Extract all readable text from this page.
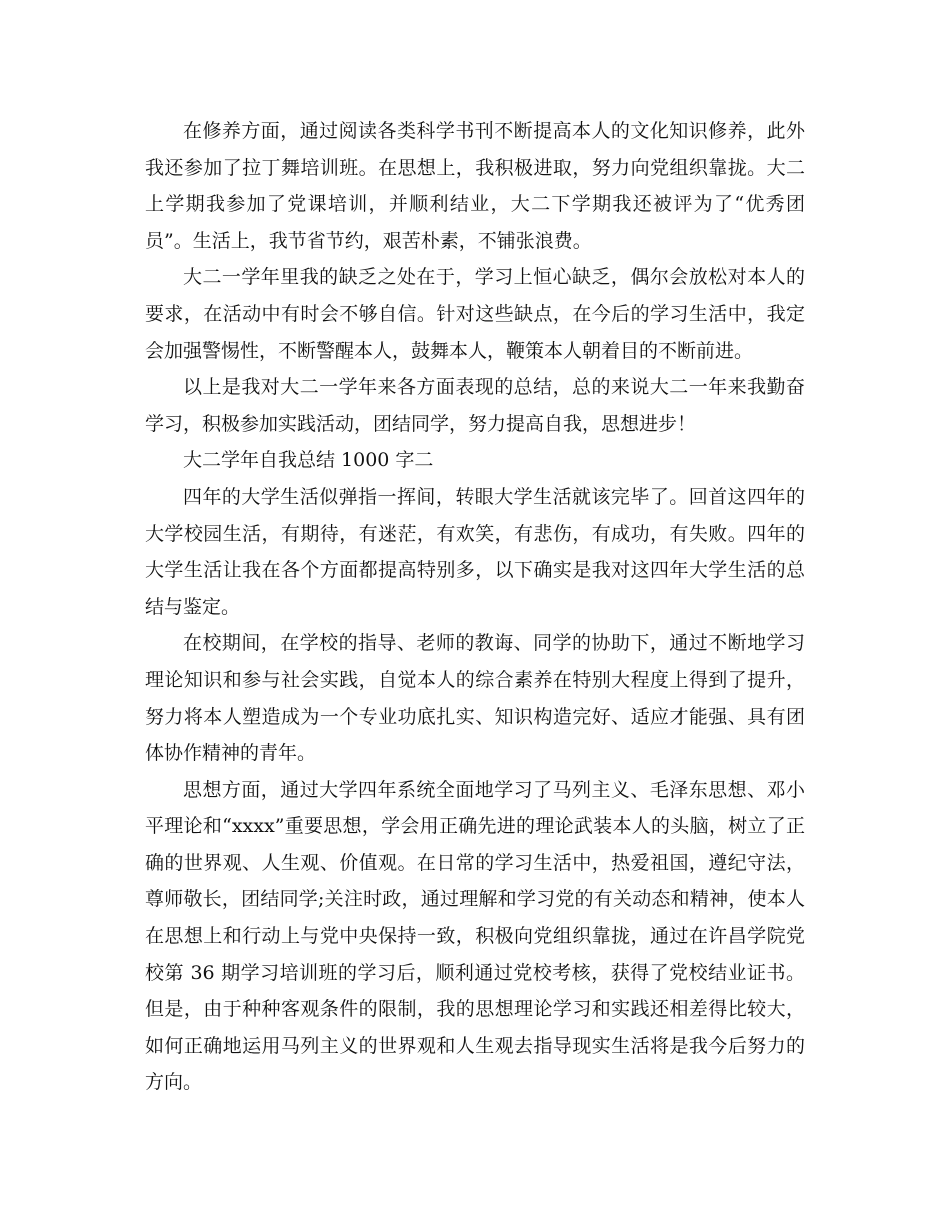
在修养方面，通过阅读各类科学书刊不断提高本人的文化知识修养，此外我还参加了拉丁舞培训班。在思想上，我积极进取，努力向党组织靠拢。大二上学期我参加了党课培训，并顺利结业，大二下学期我还被评为了“优秀团员”。生活上，我节省节约，艰苦朴素，不铺张浪费。

大二一学年里我的缺乏之处在于，学习上恒心缺乏，偶尔会放松对本人的要求，在活动中有时会不够自信。针对这些缺点，在今后的学习生活中，我定会加强警惕性，不断警醒本人，鼓舞本人，鞭策本人朝着目的不断前进。

以上是我对大二一学年来各方面表现的总结，总的来说大二一年来我勤奋学习，积极参加实践活动，团结同学，努力提高自我，思想进步！

大二学年自我总结 1000 字二

四年的大学生活似弹指一挥间，转眼大学生活就该完毕了。回首这四年的大学校园生活，有期待，有迷茫，有欢笑，有悲伤，有成功，有失败。四年的大学生活让我在各个方面都提高特别多，以下确实是我对这四年大学生活的总结与鉴定。

在校期间，在学校的指导、老师的教诲、同学的协助下，通过不断地学习理论知识和参与社会实践，自觉本人的综合素养在特别大程度上得到了提升，努力将本人塑造成为一个专业功底扎实、知识构造完好、适应才能强、具有团体协作精神的青年。

思想方面，通过大学四年系统全面地学习了马列主义、毛泽东思想、邓小平理论和“xxxx”重要思想，学会用正确先进的理论武装本人的头脑，树立了正确的世界观、人生观、价值观。在日常的学习生活中，热爱祖国，遵纪守法，尊师敬长，团结同学;关注时政，通过理解和学习党的有关动态和精神，使本人在思想上和行动上与党中央保持一致，积极向党组织靠拢，通过在许昌学院党校第 36 期学习培训班的学习后，顺利通过党校考核，获得了党校结业证书。但是，由于种种客观条件的限制，我的思想理论学习和实践还相差得比较大，如何正确地运用马列主义的世界观和人生观去指导现实生活将是我今后努力的方向。
